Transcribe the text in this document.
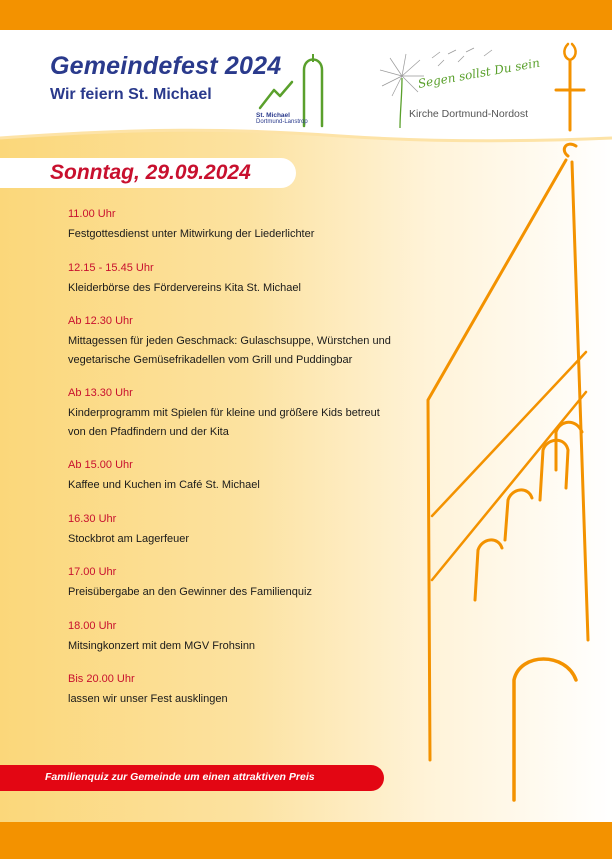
Gemeindefest 2024
Wir feiern St. Michael
St. Michael
Dortmund-Lanstrop
Segen sollst Du sein
Kirche Dortmund-Nordost
Sonntag, 29.09.2024
11.00 Uhr
Festgottesdienst unter Mitwirkung der Liederlichter
12.15 - 15.45 Uhr
Kleiderbörse des Fördervereins Kita St. Michael
Ab 12.30 Uhr
Mittagessen für jeden Geschmack: Gulaschsuppe, Würstchen und vegetarische Gemüsefrikadellen vom Grill und Puddingbar
Ab 13.30 Uhr
Kinderprogramm mit Spielen für kleine und größere Kids betreut von den Pfadfindern und der Kita
Ab 15.00 Uhr
Kaffee und Kuchen im Café St. Michael
16.30 Uhr
Stockbrot am Lagerfeuer
17.00 Uhr
Preisübergabe an den Gewinner des Familienquiz
18.00 Uhr
Mitsingkonzert mit dem MGV Frohsinn
Bis 20.00 Uhr
lassen wir unser Fest ausklingen
Familienquiz zur Gemeinde um einen attraktiven Preis
